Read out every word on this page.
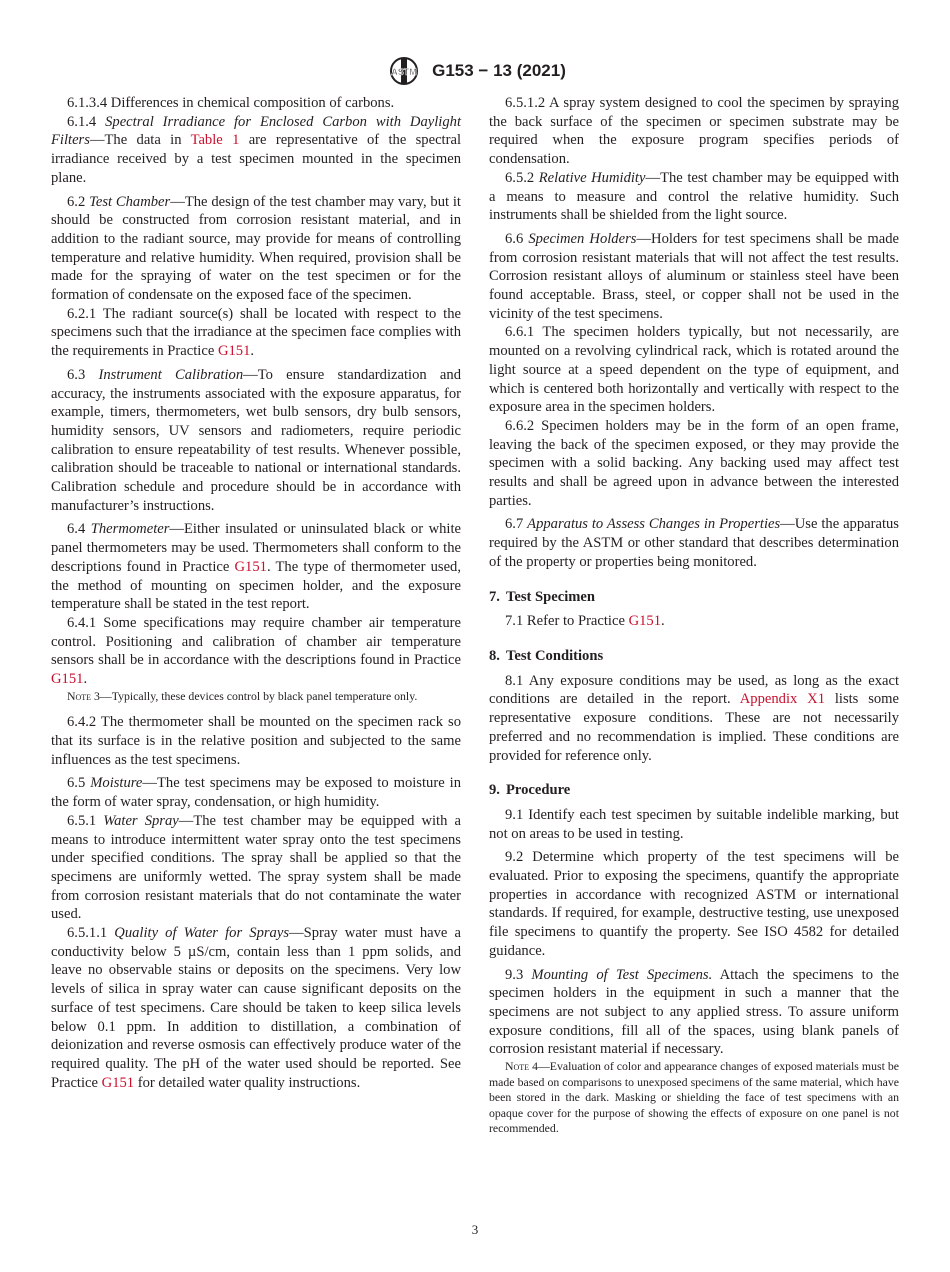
ASTM G153 − 13 (2021)

6.1.3.4 Differences in chemical composition of carbons.

6.1.4 Spectral Irradiance for Enclosed Carbon with Daylight Filters—The data in Table 1 are representative of the spectral irradiance received by a test specimen mounted in the specimen plane.

6.2 Test Chamber—The design of the test chamber may vary, but it should be constructed from corrosion resistant material, and in addition to the radiant source, may provide for means of controlling temperature and relative humidity. When required, provision shall be made for the spraying of water on the test specimen or for the formation of condensate on the exposed face of the specimen.

6.2.1 The radiant source(s) shall be located with respect to the specimens such that the irradiance at the specimen face complies with the requirements in Practice G151.

6.3 Instrument Calibration—To ensure standardization and accuracy, the instruments associated with the exposure apparatus, for example, timers, thermometers, wet bulb sensors, dry bulb sensors, humidity sensors, UV sensors and radiometers, require periodic calibration to ensure repeatability of test results. Whenever possible, calibration should be traceable to national or international standards. Calibration schedule and procedure should be in accordance with manufacturer’s instructions.

6.4 Thermometer—Either insulated or uninsulated black or white panel thermometers may be used. Thermometers shall conform to the descriptions found in Practice G151. The type of thermometer used, the method of mounting on specimen holder, and the exposure temperature shall be stated in the test report.

6.4.1 Some specifications may require chamber air temperature control. Positioning and calibration of chamber air temperature sensors shall be in accordance with the descriptions found in Practice G151.

Note 3—Typically, these devices control by black panel temperature only.

6.4.2 The thermometer shall be mounted on the specimen rack so that its surface is in the relative position and subjected to the same influences as the test specimens.

6.5 Moisture—The test specimens may be exposed to moisture in the form of water spray, condensation, or high humidity.

6.5.1 Water Spray—The test chamber may be equipped with a means to introduce intermittent water spray onto the test specimens under specified conditions. The spray shall be applied so that the specimens are uniformly wetted. The spray system shall be made from corrosion resistant materials that do not contaminate the water used.

6.5.1.1 Quality of Water for Sprays—Spray water must have a conductivity below 5 µS/cm, contain less than 1 ppm solids, and leave no observable stains or deposits on the specimens. Very low levels of silica in spray water can cause significant deposits on the surface of test specimens. Care should be taken to keep silica levels below 0.1 ppm. In addition to distillation, a combination of deionization and reverse osmosis can effectively produce water of the required quality. The pH of the water used should be reported. See Practice G151 for detailed water quality instructions.

6.5.1.2 A spray system designed to cool the specimen by spraying the back surface of the specimen or specimen substrate may be required when the exposure program specifies periods of condensation.

6.5.2 Relative Humidity—The test chamber may be equipped with a means to measure and control the relative humidity. Such instruments shall be shielded from the light source.

6.6 Specimen Holders—Holders for test specimens shall be made from corrosion resistant materials that will not affect the test results. Corrosion resistant alloys of aluminum or stainless steel have been found acceptable. Brass, steel, or copper shall not be used in the vicinity of the test specimens.

6.6.1 The specimen holders typically, but not necessarily, are mounted on a revolving cylindrical rack, which is rotated around the light source at a speed dependent on the type of equipment, and which is centered both horizontally and vertically with respect to the exposure area in the specimen holders.

6.6.2 Specimen holders may be in the form of an open frame, leaving the back of the specimen exposed, or they may provide the specimen with a solid backing. Any backing used may affect test results and shall be agreed upon in advance between the interested parties.

6.7 Apparatus to Assess Changes in Properties—Use the apparatus required by the ASTM or other standard that describes determination of the property or properties being monitored.

7. Test Specimen

7.1 Refer to Practice G151.

8. Test Conditions

8.1 Any exposure conditions may be used, as long as the exact conditions are detailed in the report. Appendix X1 lists some representative exposure conditions. These are not necessarily preferred and no recommendation is implied. These conditions are provided for reference only.

9. Procedure

9.1 Identify each test specimen by suitable indelible marking, but not on areas to be used in testing.

9.2 Determine which property of the test specimens will be evaluated. Prior to exposing the specimens, quantify the appropriate properties in accordance with recognized ASTM or international standards. If required, for example, destructive testing, use unexposed file specimens to quantify the property. See ISO 4582 for detailed guidance.

9.3 Mounting of Test Specimens. Attach the specimens to the specimen holders in the equipment in such a manner that the specimens are not subject to any applied stress. To assure uniform exposure conditions, fill all of the spaces, using blank panels of corrosion resistant material if necessary.

Note 4—Evaluation of color and appearance changes of exposed materials must be made based on comparisons to unexposed specimens of the same material, which have been stored in the dark. Masking or shielding the face of test specimens with an opaque cover for the purpose of showing the effects of exposure on one panel is not recommended.

3
